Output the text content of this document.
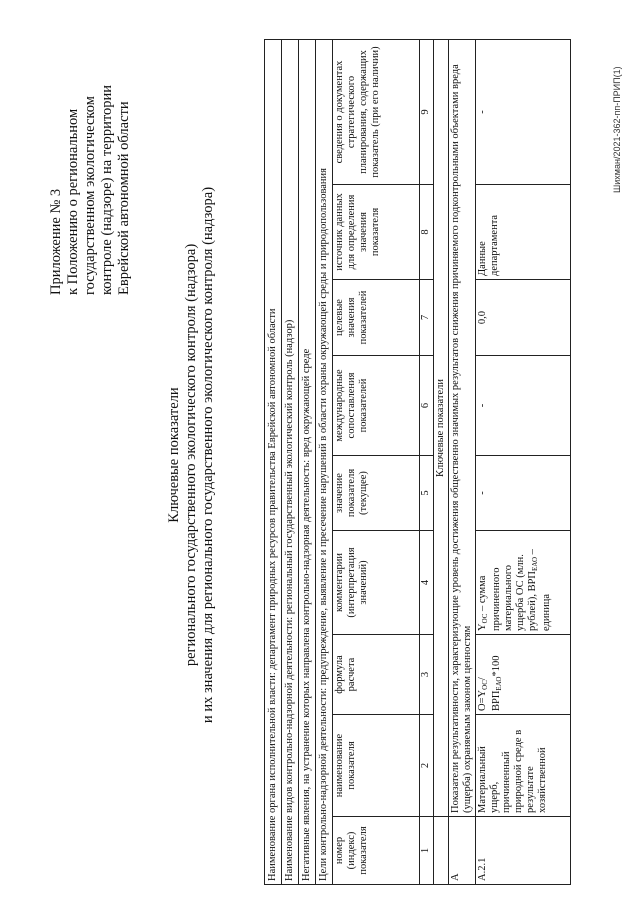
Приложение № 3 к Положению о региональном государственном экологическом контроле (надзоре) на территории Еврейской автономной области
Ключевые показатели регионального государственного экологического контроля (надзора) и их значения для регионального государственного экологического контроля (надзора)	Наименование органа исполнительной власти: департамент природных ресурсов правительства Еврейской автономной области								
Наименование видов контрольно-надзорной деятельности: региональный государственный экологический контроль (надзор)								
Негативные явления, на устранение которых направлена контрольно-надзорная деятельность: вред окружающей среде								
Цели контрольно-надзорной деятельности: предупреждение, выявление и пресечение нарушений в области охраны окружающей среды и природопользования								
номер (индекс) показателя	наименование показателя	формула расчета	комментарии (интерпретация значений)	значение показателя (текущее)	международные сопоставления показателей	целевые значения показателей	источник данных для определения значения показателя	сведения о документах стратегического планирования, содержащих показатель (при его наличии)
1	2	3	4	5	6	7	8	9
	Ключевые показатели							
А	Показатели результативности, характеризующие уровень достижения общественно значимых результатов снижения причиняемого подконтрольными объектами вреда (ущерба) охраняемым законом ценностям							
А.2.1	Материальный ущерб, причиненный природной среде в результате хозяйственной	$О=Y_{ОС}/$ $ВРП_{ЕАО}*100$	$Y_{ОС}$ – сумма причиненного материального ущерба ОС (млн. рублей), $ВРП_{ЕАО}$ – единица	-	-	0,0	Данные департамента	-	Шихман/2021-362-пп-ПРИП(1)
